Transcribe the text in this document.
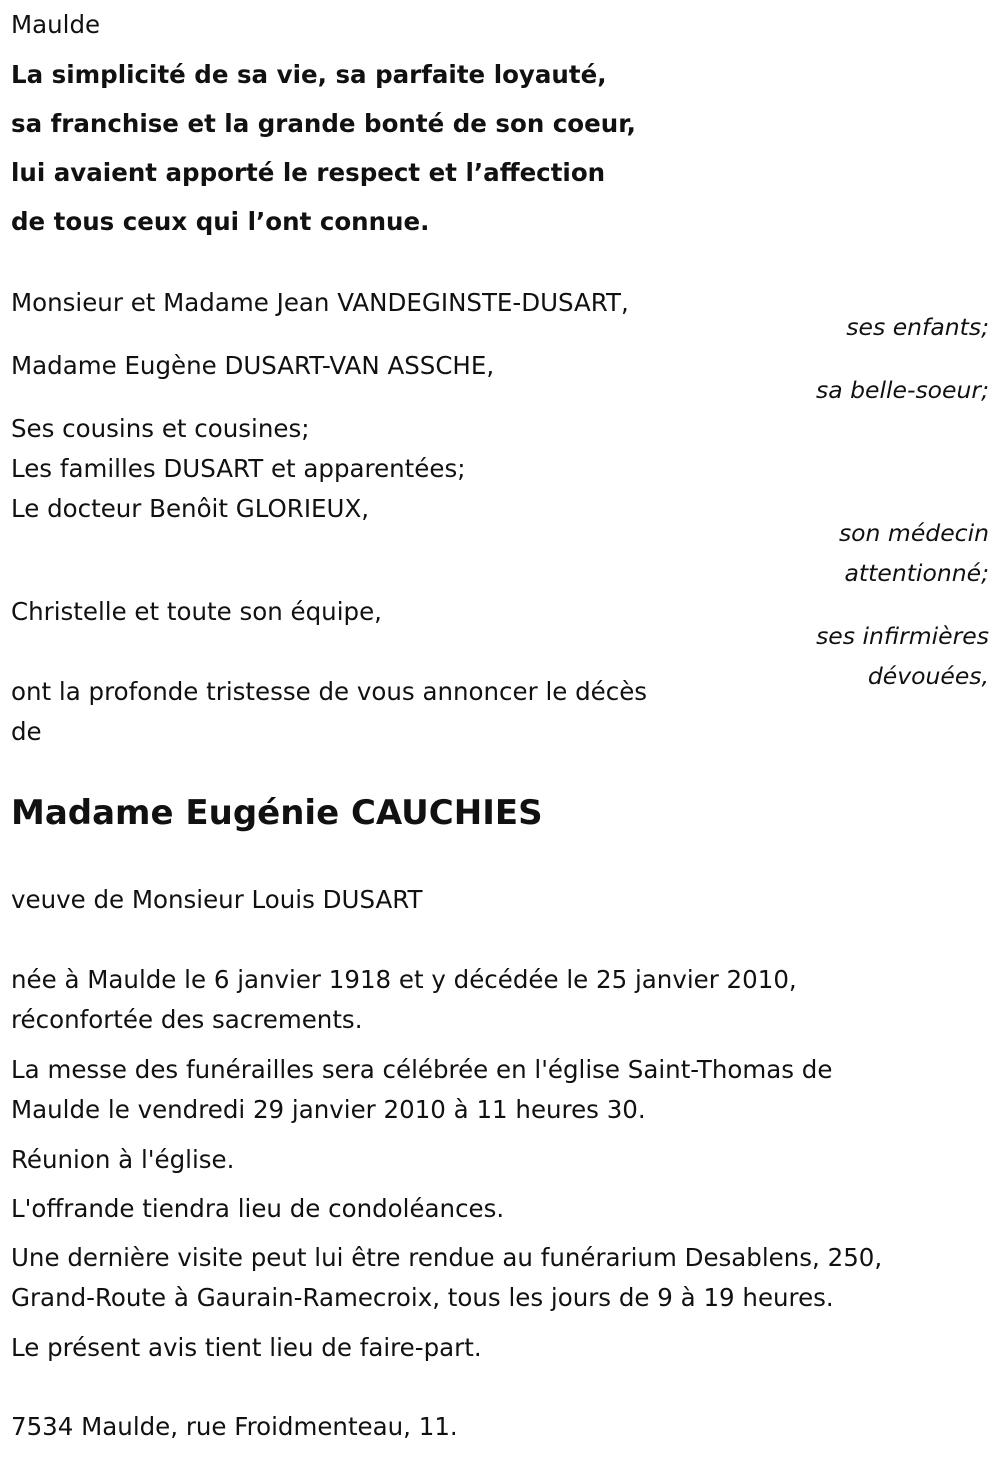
Maulde

La simplicité de sa vie, sa parfaite loyauté,

sa franchise et la grande bonté de son coeur,

lui avaient apporté le respect et l’affection

de tous ceux qui l’ont connue.

Monsieur et Madame Jean VANDEGINSTE-DUSART,

ses enfants;

Madame Eugène DUSART-VAN ASSCHE,

sa belle-soeur;

Ses cousins et cousines;

Les familles DUSART et apparentées;

Le docteur Benôit GLORIEUX,

son médecin

attentionné;

Christelle et toute son équipe,

ses infirmières

dévouées,

ont la profonde tristesse de vous annoncer le décès

de

Madame Eugénie CAUCHIES

veuve de Monsieur Louis DUSART

née à Maulde le 6 janvier 1918 et y décédée le 25 janvier 2010,

réconfortée des sacrements.

La messe des funérailles sera célébrée en l'église Saint-Thomas de

Maulde le vendredi 29 janvier 2010 à 11 heures 30.

Réunion à l'église.

L'offrande tiendra lieu de condoléances.

Une dernière visite peut lui être rendue au funérarium Desablens, 250,

Grand-Route à Gaurain-Ramecroix, tous les jours de 9 à 19 heures.

Le présent avis tient lieu de faire-part.

7534 Maulde, rue Froidmenteau, 11.
